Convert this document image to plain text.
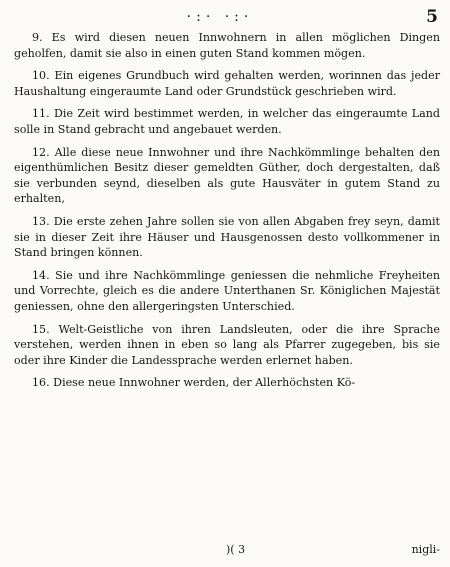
·:· ·:·	5

9. Es wird diesen neuen Innwohnern in allen möglichen Dingen geholfen, damit sie also in einen guten Stand kommen mögen.

10. Ein eigenes Grundbuch wird gehalten werden, worinnen das jeder Haushaltung eingeraumte Land oder Grundstück geschrieben wird.

11. Die Zeit wird bestimmet werden, in welcher das eingeraumte Land solle in Stand gebracht und angebauet werden.

12. Alle diese neue Innwohner und ihre Nachkömmlinge behalten den eigenthümlichen Besitz dieser gemeldten Güther, doch dergestalten, daß sie verbunden seynd, dieselben als gute Hausväter in gutem Stand zu erhalten,

13. Die erste zehen Jahre sollen sie von allen Abgaben frey seyn, damit sie in dieser Zeit ihre Häuser und Hausgenossen desto vollkommener in Stand bringen können.

14. Sie und ihre Nachkömmlinge geniessen die nehmliche Freyheiten und Vorrechte, gleich es die andere Unterthanen Sr. Königlichen Majestät geniessen, ohne den allergeringsten Unterschied.

15. Welt-Geistliche von ihren Landsleuten, oder die ihre Sprache verstehen, werden ihnen in eben so lang als Pfarrer zugegeben, bis sie oder ihre Kinder die Landessprache werden erlernet haben.

16. Diese neue Innwohner werden, der Allerhöchsten Kö-

)( 3	nigli-
